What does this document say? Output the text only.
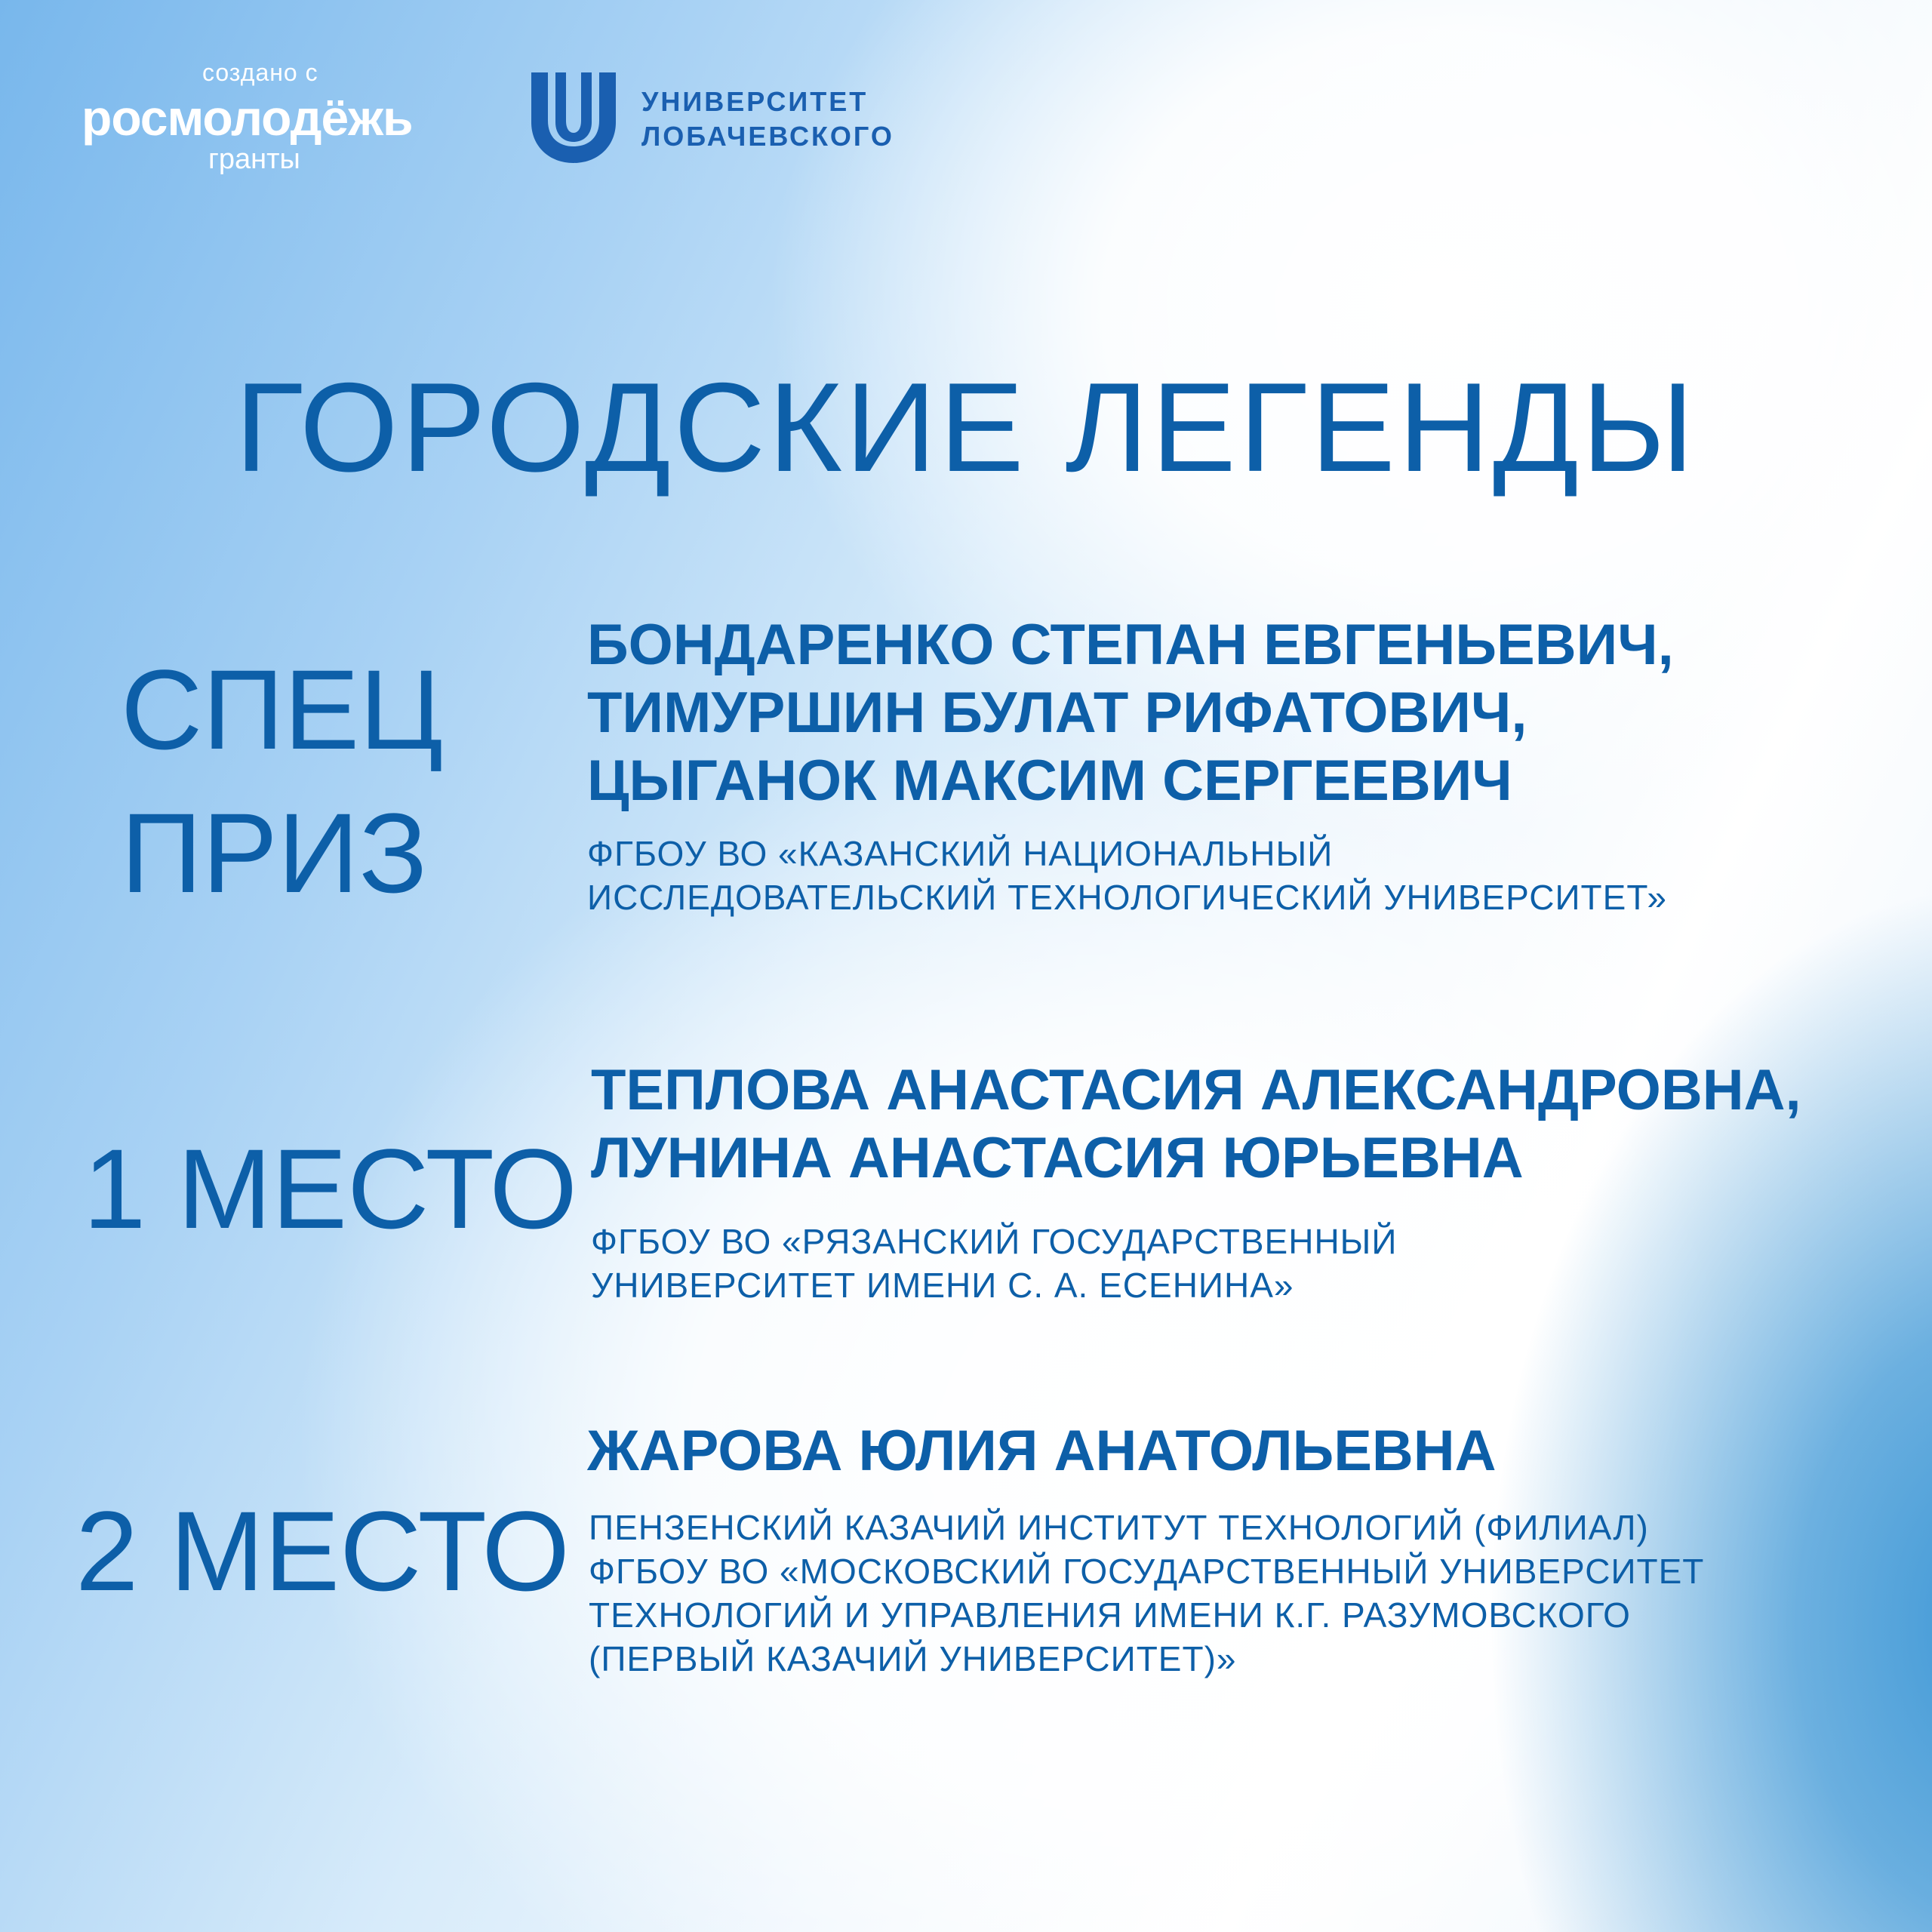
создано с
росмолодёжь
гранты
УНИВЕРСИТЕТ
ЛОБАЧЕВСКОГО
ГОРОДСКИЕ ЛЕГЕНДЫ
СПЕЦ
ПРИЗ
БОНДАРЕНКО СТЕПАН ЕВГЕНЬЕВИЧ,
ТИМУРШИН БУЛАТ РИФАТОВИЧ,
ЦЫГАНОК МАКСИМ СЕРГЕЕВИЧ
ФГБОУ ВО «КАЗАНСКИЙ НАЦИОНАЛЬНЫЙ
ИССЛЕДОВАТЕЛЬСКИЙ ТЕХНОЛОГИЧЕСКИЙ УНИВЕРСИТЕТ»
1 МЕСТО
ТЕПЛОВА АНАСТАСИЯ АЛЕКСАНДРОВНА,
ЛУНИНА АНАСТАСИЯ ЮРЬЕВНА
ФГБОУ ВО «РЯЗАНСКИЙ ГОСУДАРСТВЕННЫЙ
УНИВЕРСИТЕТ ИМЕНИ С. А. ЕСЕНИНА»
2 МЕСТО
ЖАРОВА ЮЛИЯ АНАТОЛЬЕВНА
ПЕНЗЕНСКИЙ КАЗАЧИЙ ИНСТИТУТ ТЕХНОЛОГИЙ (ФИЛИАЛ)
ФГБОУ ВО «МОСКОВСКИЙ ГОСУДАРСТВЕННЫЙ УНИВЕРСИТЕТ
ТЕХНОЛОГИЙ И УПРАВЛЕНИЯ ИМЕНИ К.Г. РАЗУМОВСКОГО
(ПЕРВЫЙ КАЗАЧИЙ УНИВЕРСИТЕТ)»
